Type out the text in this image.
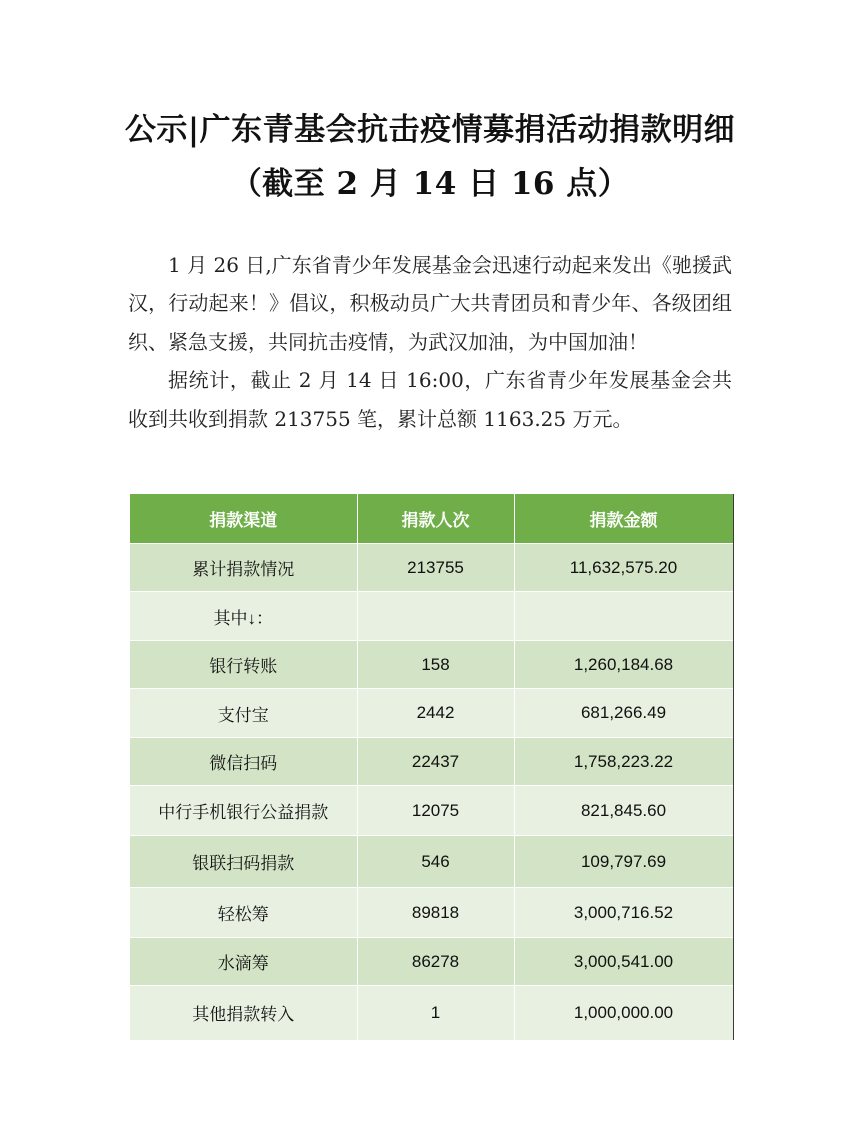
公示|广东青基会抗击疫情募捐活动捐款明细（截至 2 月 14 日 16 点）

1 月 26 日,广东省青少年发展基金会迅速行动起来发出《驰援武汉，行动起来！》倡议，积极动员广大共青团员和青少年、各级团组织、紧急支援，共同抗击疫情，为武汉加油，为中国加油！

据统计，截止 2 月 14 日 16:00，广东省青少年发展基金会共收到共收到捐款 213755 笔，累计总额 1163.25 万元。

捐款渠道	捐款人次	捐款金额
累计捐款情况	213755	11,632,575.20
其中↓：		
银行转账	158	1,260,184.68
支付宝	2442	681,266.49
微信扫码	22437	1,758,223.22
中行手机银行公益捐款	12075	821,845.60
银联扫码捐款	546	109,797.69
轻松筹	89818	3,000,716.52
水滴筹	86278	3,000,541.00
其他捐款转入	1	1,000,000.00
